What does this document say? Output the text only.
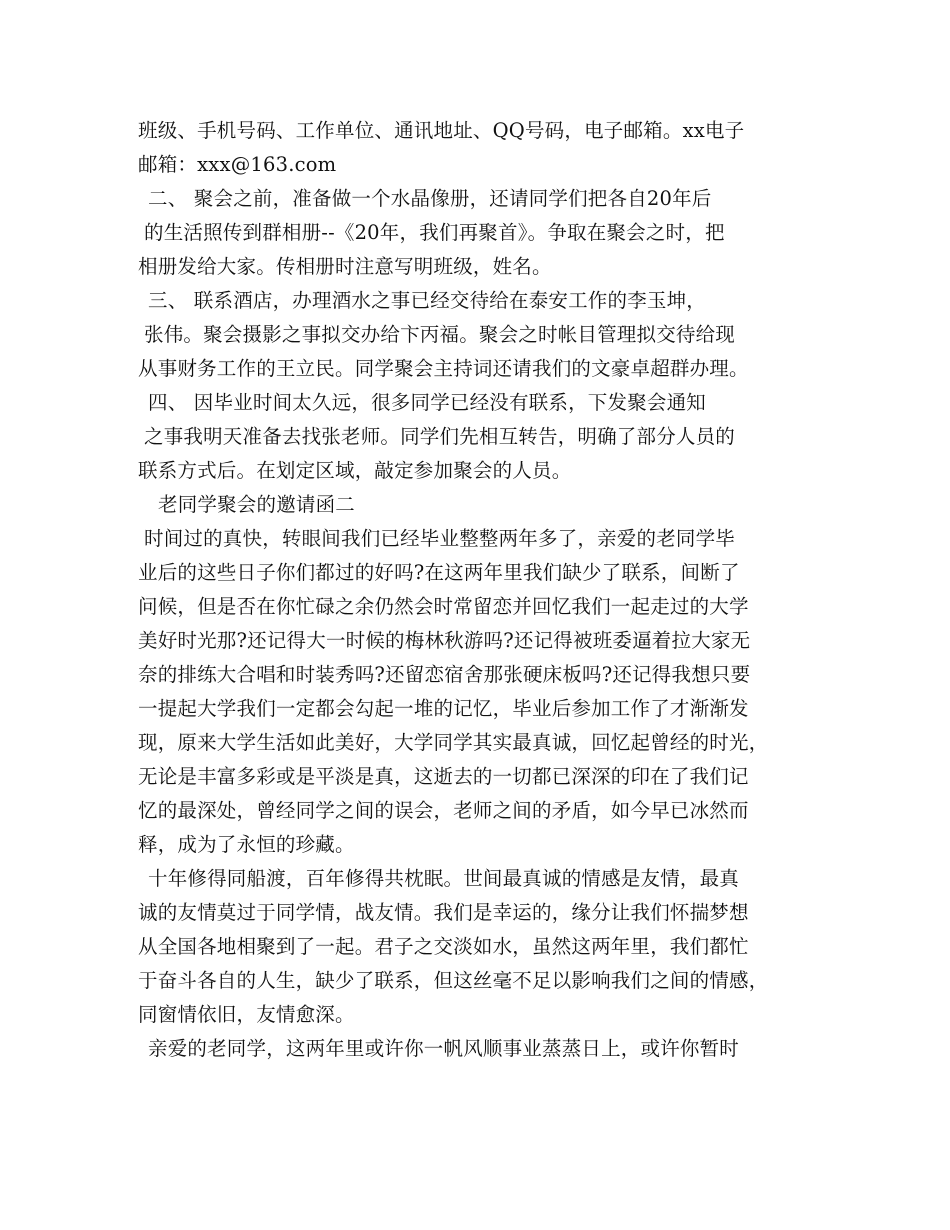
班级、手机号码、工作单位、通讯地址、QQ号码，电子邮箱。xx电子
邮箱：xxx@163.com
二、 聚会之前，准备做一个水晶像册，还请同学们把各自20年后
的生活照传到群相册--《20年，我们再聚首》。争取在聚会之时，把
相册发给大家。传相册时注意写明班级，姓名。
三、 联系酒店，办理酒水之事已经交待给在泰安工作的李玉坤，
张伟。聚会摄影之事拟交办给卞丙福。聚会之时帐目管理拟交待给现
从事财务工作的王立民。同学聚会主持词还请我们的文豪卓超群办理。
四、 因毕业时间太久远，很多同学已经没有联系，下发聚会通知
之事我明天准备去找张老师。同学们先相互转告，明确了部分人员的
联系方式后。在划定区域，敲定参加聚会的人员。
老同学聚会的邀请函二
时间过的真快，转眼间我们已经毕业整整两年多了，亲爱的老同学毕
业后的这些日子你们都过的好吗?在这两年里我们缺少了联系，间断了
问候，但是否在你忙碌之余仍然会时常留恋并回忆我们一起走过的大学
美好时光那?还记得大一时候的梅林秋游吗?还记得被班委逼着拉大家无
奈的排练大合唱和时装秀吗?还留恋宿舍那张硬床板吗?还记得我想只要
一提起大学我们一定都会勾起一堆的记忆，毕业后参加工作了才渐渐发
现，原来大学生活如此美好，大学同学其实最真诚，回忆起曾经的时光，
无论是丰富多彩或是平淡是真，这逝去的一切都已深深的印在了我们记
忆的最深处，曾经同学之间的误会，老师之间的矛盾，如今早已冰然而
释，成为了永恒的珍藏。
十年修得同船渡，百年修得共枕眠。世间最真诚的情感是友情，最真
诚的友情莫过于同学情，战友情。我们是幸运的，缘分让我们怀揣梦想
从全国各地相聚到了一起。君子之交淡如水，虽然这两年里，我们都忙
于奋斗各自的人生，缺少了联系，但这丝毫不足以影响我们之间的情感，
同窗情依旧，友情愈深。
亲爱的老同学，这两年里或许你一帆风顺事业蒸蒸日上，或许你暂时
